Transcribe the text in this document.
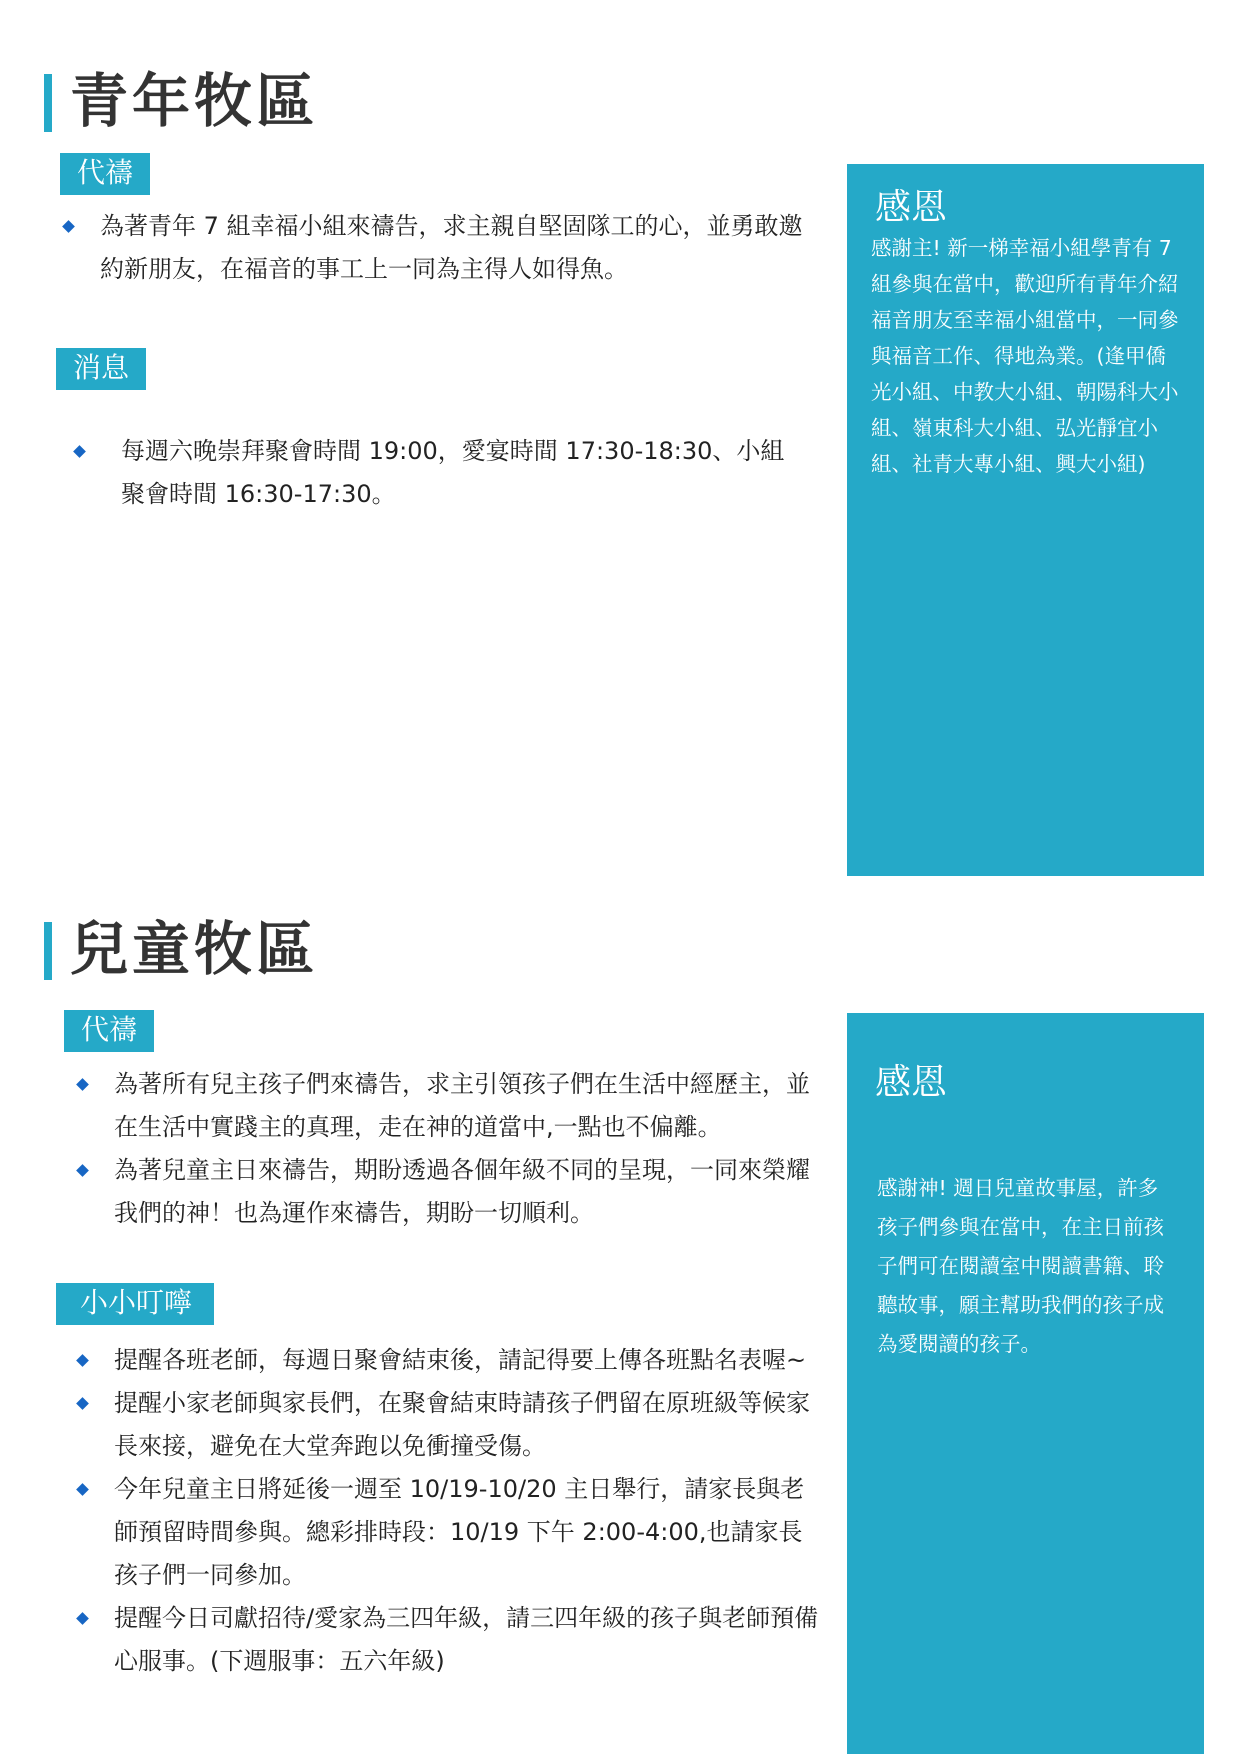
青年牧區
代禱
為著青年 7 組幸福小組來禱告，求主親自堅固隊工的心，並勇敢邀約新朋友，在福音的事工上一同為主得人如得魚。
消息
每週六晚崇拜聚會時間 19:00，愛宴時間 17:30-18:30、小組聚會時間 16:30-17:30。
感恩

感謝主! 新一梯幸福小組學青有 7 組參與在當中，歡迎所有青年介紹福音朋友至幸福小組當中，一同參與福音工作、得地為業。(逢甲僑光小組、中教大小組、朝陽科大小組、嶺東科大小組、弘光靜宜小組、社青大專小組、興大小組)

兒童牧區
代禱
為著所有兒主孩子們來禱告，求主引領孩子們在生活中經歷主，並在生活中實踐主的真理，走在神的道當中,一點也不偏離。
為著兒童主日來禱告，期盼透過各個年級不同的呈現，一同來榮耀我們的神！也為運作來禱告，期盼一切順利。
小小叮嚀
提醒各班老師，每週日聚會結束後，請記得要上傳各班點名表喔~
提醒小家老師與家長們，在聚會結束時請孩子們留在原班級等候家長來接，避免在大堂奔跑以免衝撞受傷。
今年兒童主日將延後一週至 10/19-10/20 主日舉行，請家長與老師預留時間參與。總彩排時段：10/19 下午 2:00-4:00,也請家長孩子們一同參加。
提醒今日司獻招待/愛家為三四年級，請三四年級的孩子與老師預備心服事。(下週服事：五六年級)
感恩

感謝神! 週日兒童故事屋，許多孩子們參與在當中，在主日前孩子們可在閱讀室中閱讀書籍、聆聽故事，願主幫助我們的孩子成為愛閱讀的孩子。
